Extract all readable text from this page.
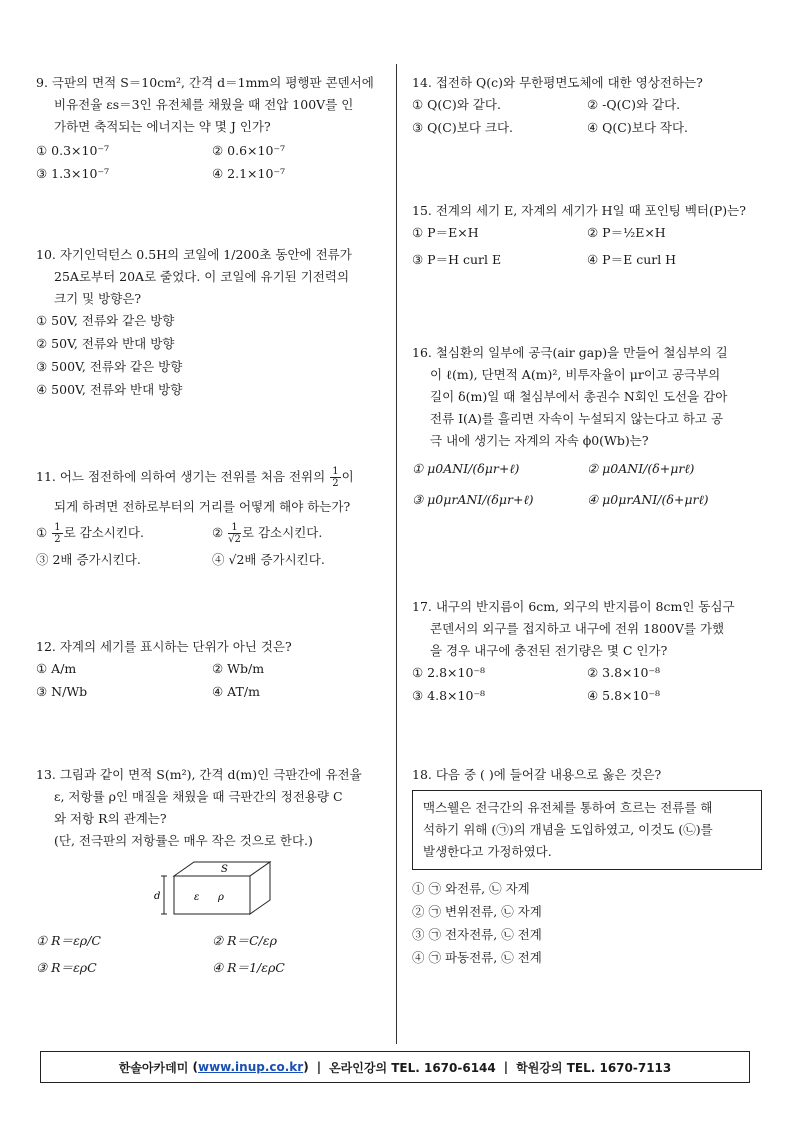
9. 극판의 면적 S＝10cm², 간격 d＝1mm의 평행판 콘덴서에
비유전율 εs＝3인 유전체를 채웠을 때 전압 100V를 인
가하면 축적되는 에너지는 약 몇 J 인가?
① 0.3×10⁻⁷	② 0.6×10⁻⁷
③ 1.3×10⁻⁷	④ 2.1×10⁻⁷
10. 자기인덕턴스 0.5H의 코일에 1/200초 동안에 전류가
25A로부터 20A로 줄었다. 이 코일에 유기된 기전력의
크기 및 방향은?
① 50V, 전류와 같은 방향
② 50V, 전류와 반대 방향
③ 500V, 전류와 같은 방향
④ 500V, 전류와 반대 방향
11. 어느 점전하에 의하여 생기는 전위를 처음 전위의 $\frac{1}{2}$ 이
되게 하려면 전하로부터의 거리를 어떻게 해야 하는가?
① $\frac{1}{2}$ 로 감소시킨다.	② $\frac{1}{√2}$ 로 감소시킨다.
③ 2배 증가시킨다.	④ √2배 증가시킨다.
12. 자계의 세기를 표시하는 단위가 아닌 것은?
① A/m	② Wb/m
③ N/Wb	④ AT/m
13. 그림과 같이 면적 S(m²), 간격 d(m)인 극판간에 유전율
ε, 저항률 ρ인 매질을 채웠을 때 극판간의 정전용량 C
와 저항 R의 관계는?
(단, 전극판의 저항률은 매우 작은 것으로 한다.)
S
d	ε ρ
① R＝ερ/C	② R＝C/ερ
③ R＝ερC	④ R＝1/ερC
14. 접전하 Q(c)와 무한평면도체에 대한 영상전하는?
① Q(C)와 같다.	② -Q(C)와 같다.
③ Q(C)보다 크다.	④ Q(C)보다 작다.
15. 전계의 세기 E, 자계의 세기가 H일 때 포인팅 벡터(P)는?
① P＝E×H	② P＝½E×H
③ P＝H curl E	④ P＝E curl H
16. 철심환의 일부에 공극(air gap)을 만들어 철심부의 길
이 ℓ(m), 단면적 A(m)², 비투자율이 μr이고 공극부의
길이 δ(m)일 때 철심부에서 총권수 N회인 도선을 감아
전류 I(A)를 흘리면 자속이 누설되지 않는다고 하고 공
극 내에 생기는 자계의 자속 ϕ0(Wb)는?
① μ0ANI/(δμr+ℓ)	② μ0ANI/(δ+μrℓ)
③ μ0μrANI/(δμr+ℓ)	④ μ0μrANI/(δ+μrℓ)
17. 내구의 반지름이 6cm, 외구의 반지름이 8cm인 동심구
콘덴서의 외구를 접지하고 내구에 전위 1800V를 가했
을 경우 내구에 충전된 전기량은 몇 C 인가?
① 2.8×10⁻⁸	② 3.8×10⁻⁸
③ 4.8×10⁻⁸	④ 5.8×10⁻⁸
18. 다음 중 ( )에 들어갈 내용으로 옳은 것은?
맥스웰은 전극간의 유전체를 통하여 흐르는 전류를 해
석하기 위해 (㉠)의 개념을 도입하였고, 이것도 (㉡)를
발생한다고 가정하였다.
① ㉠ 와전류, ㉡ 자계
② ㉠ 변위전류, ㉡ 자계
③ ㉠ 전자전류, ㉡ 전계
④ ㉠ 파동전류, ㉡ 전계
한솔아카데미 ( www.inup.co.kr ) | 온라인강의 TEL. 1670-6144 | 학원강의 TEL. 1670-7113
